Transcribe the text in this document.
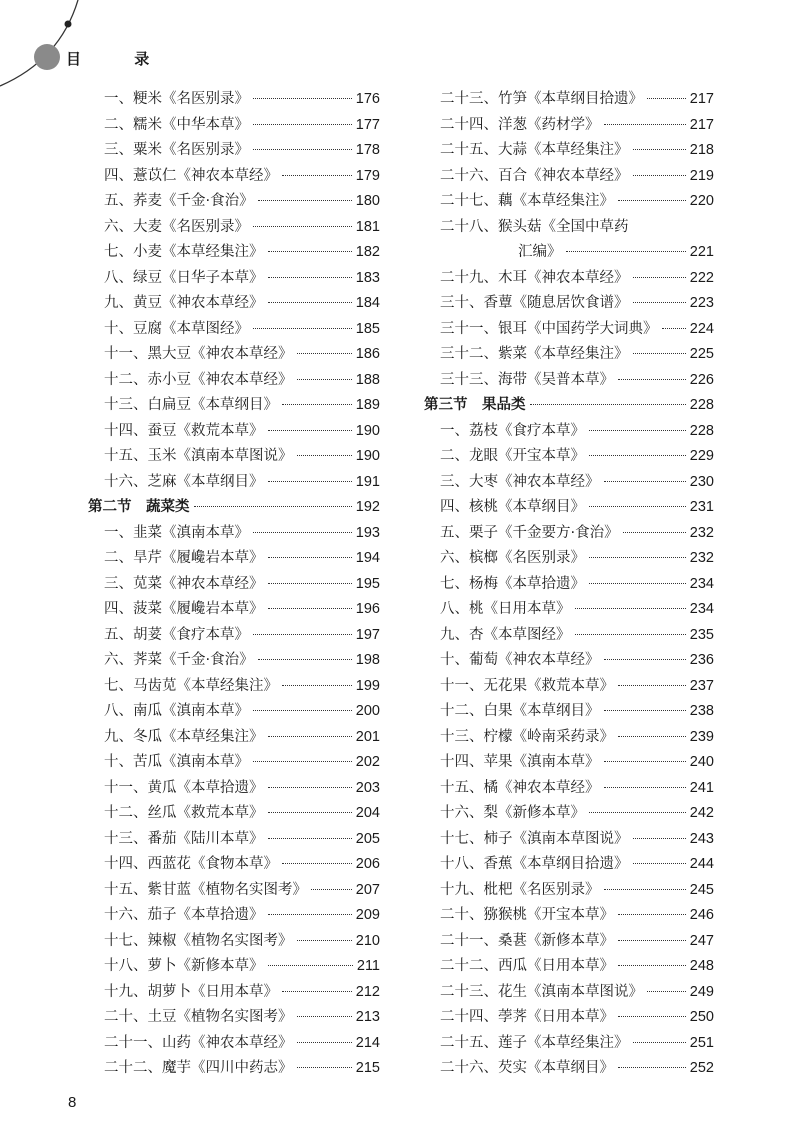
目 录
一、粳米《名医别录》	176
二、糯米《中华本草》	177
三、粟米《名医别录》	178
四、薏苡仁《神农本草经》	179
五、荞麦《千金·食治》	180
六、大麦《名医别录》	181
七、小麦《本草经集注》	182
八、绿豆《日华子本草》	183
九、黄豆《神农本草经》	184
十、豆腐《本草图经》	185
十一、黑大豆《神农本草经》	186
十二、赤小豆《神农本草经》	188
十三、白扁豆《本草纲目》	189
十四、蚕豆《救荒本草》	190
十五、玉米《滇南本草图说》	190
十六、芝麻《本草纲目》	191
第二节　蔬菜类	192
一、韭菜《滇南本草》	193
二、旱芹《履巉岩本草》	194
三、苋菜《神农本草经》	195
四、菠菜《履巉岩本草》	196
五、胡荽《食疗本草》	197
六、荠菜《千金·食治》	198
七、马齿苋《本草经集注》	199
八、南瓜《滇南本草》	200
九、冬瓜《本草经集注》	201
十、苦瓜《滇南本草》	202
十一、黄瓜《本草拾遗》	203
十二、丝瓜《救荒本草》	204
十三、番茄《陆川本草》	205
十四、西蓝花《食物本草》	206
十五、紫甘蓝《植物名实图考》	207
十六、茄子《本草拾遗》	209
十七、辣椒《植物名实图考》	210
十八、萝卜《新修本草》	211
十九、胡萝卜《日用本草》	212
二十、土豆《植物名实图考》	213
二十一、山药《神农本草经》	214
二十二、魔芋《四川中药志》	215
二十三、竹笋《本草纲目拾遗》	217
二十四、洋葱《药材学》	217
二十五、大蒜《本草经集注》	218
二十六、百合《神农本草经》	219
二十七、藕《本草经集注》	220
二十八、猴头菇《全国中草药
汇编》	221
二十九、木耳《神农本草经》	222
三十、香蕈《随息居饮食谱》	223
三十一、银耳《中国药学大词典》 224
三十二、紫菜《本草经集注》	225
三十三、海带《吴普本草》	226
第三节　果品类	228
一、荔枝《食疗本草》	228
二、龙眼《开宝本草》	229
三、大枣《神农本草经》	230
四、核桃《本草纲目》	231
五、栗子《千金要方·食治》	232
六、槟榔《名医别录》	232
七、杨梅《本草拾遗》	234
八、桃《日用本草》	234
九、杏《本草图经》	235
十、葡萄《神农本草经》	236
十一、无花果《救荒本草》	237
十二、白果《本草纲目》	238
十三、柠檬《岭南采药录》	239
十四、苹果《滇南本草》	240
十五、橘《神农本草经》	241
十六、梨《新修本草》	242
十七、柿子《滇南本草图说》	243
十八、香蕉《本草纲目拾遗》	244
十九、枇杷《名医别录》	245
二十、猕猴桃《开宝本草》	246
二十一、桑葚《新修本草》	247
二十二、西瓜《日用本草》	248
二十三、花生《滇南本草图说》	249
二十四、荸荠《日用本草》	250
二十五、莲子《本草经集注》	251
二十六、芡实《本草纲目》	252
8
